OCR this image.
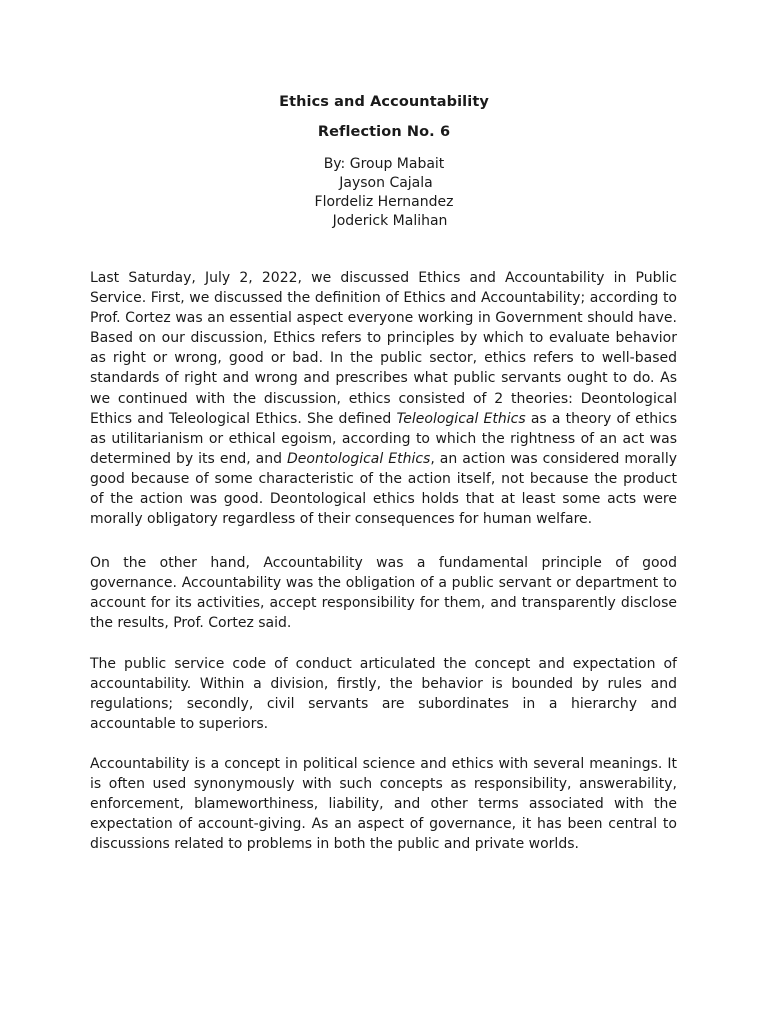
Ethics and Accountability
Reflection No. 6
By: Group Mabait
Jayson Cajala
Flordeliz Hernandez
Joderick Malihan
Last Saturday, July 2, 2022, we discussed Ethics and Accountability in Public Service. First, we discussed the definition of Ethics and Accountability; according to Prof. Cortez was an essential aspect everyone working in Government should have. Based on our discussion, Ethics refers to principles by which to evaluate behavior as right or wrong, good or bad. In the public sector, ethics refers to well-based standards of right and wrong and prescribes what public servants ought to do. As we continued with the discussion, ethics consisted of 2 theories: Deontological Ethics and Teleological Ethics. She defined Teleological Ethics as a theory of ethics as utilitarianism or ethical egoism, according to which the rightness of an act was determined by its end, and Deontological Ethics, an action was considered morally good because of some characteristic of the action itself, not because the product of the action was good. Deontological ethics holds that at least some acts were morally obligatory regardless of their consequences for human welfare.
On the other hand, Accountability was a fundamental principle of good governance. Accountability was the obligation of a public servant or department to account for its activities, accept responsibility for them, and transparently disclose the results, Prof. Cortez said.
The public service code of conduct articulated the concept and expectation of accountability. Within a division, firstly, the behavior is bounded by rules and regulations; secondly, civil servants are subordinates in a hierarchy and accountable to superiors.
Accountability is a concept in political science and ethics with several meanings. It is often used synonymously with such concepts as responsibility, answerability, enforcement, blameworthiness, liability, and other terms associated with the expectation of account-giving. As an aspect of governance, it has been central to discussions related to problems in both the public and private worlds.
